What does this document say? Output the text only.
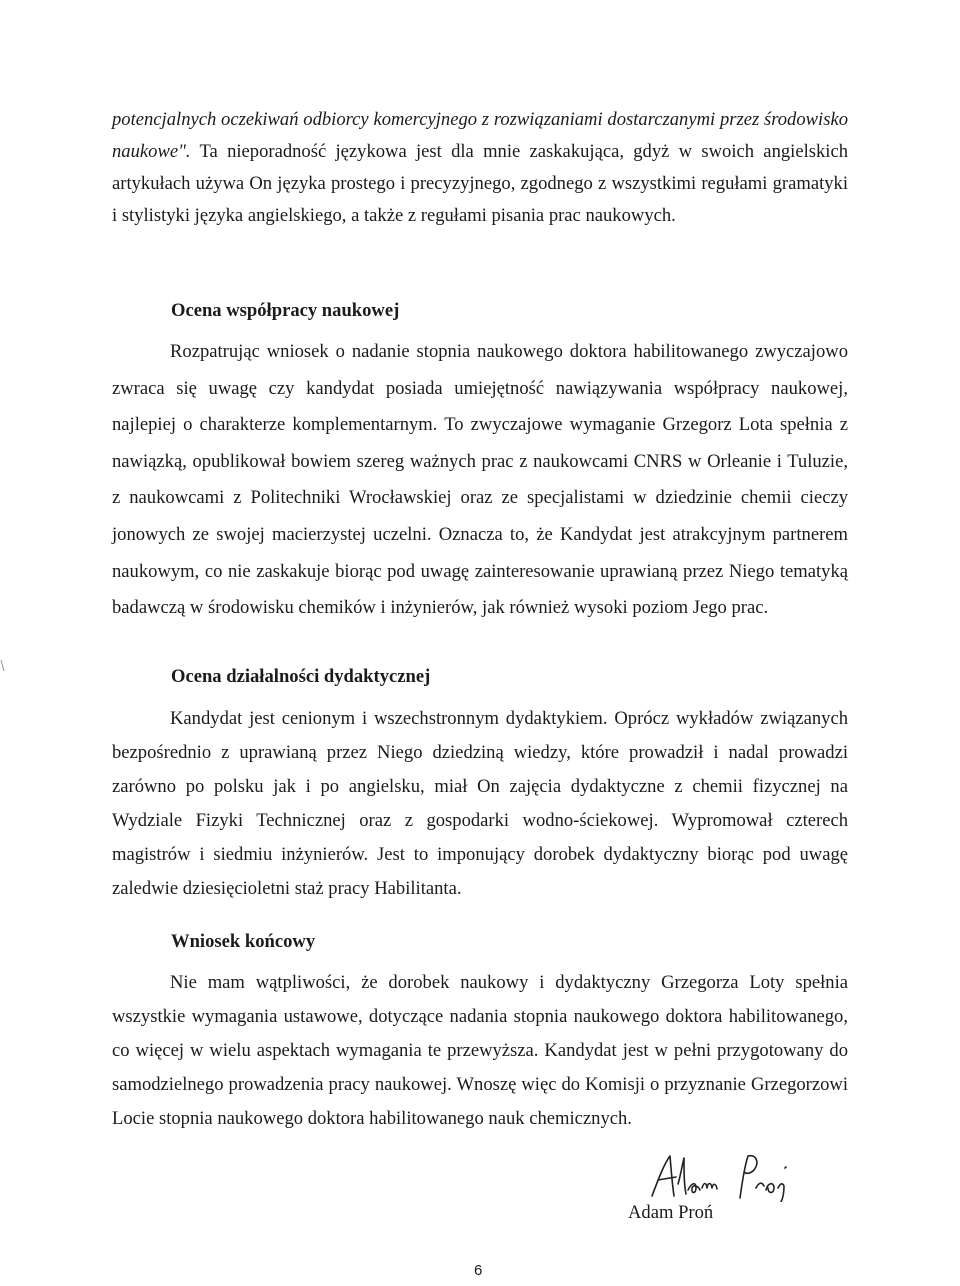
potencjalnych oczekiwań odbiorcy komercyjnego z rozwiązaniami dostarczanymi przez środowisko naukowe". Ta nieporadność językowa jest dla mnie zaskakująca, gdyż w swoich angielskich artykułach używa On języka prostego i precyzyjnego, zgodnego z wszystkimi regułami gramatyki i stylistyki języka angielskiego, a także z regułami pisania prac naukowych.

Ocena współpracy naukowej

Rozpatrując wniosek o nadanie stopnia naukowego doktora habilitowanego zwyczajowo zwraca się uwagę czy kandydat posiada umiejętność nawiązywania współpracy naukowej, najlepiej o charakterze komplementarnym. To zwyczajowe wymaganie Grzegorz Lota spełnia z nawiązką, opublikował bowiem szereg ważnych prac z naukowcami CNRS w Orleanie i Tuluzie, z naukowcami z Politechniki Wrocławskiej oraz ze specjalistami w dziedzinie chemii cieczy jonowych ze swojej macierzystej uczelni. Oznacza to, że Kandydat jest atrakcyjnym partnerem naukowym, co nie zaskakuje biorąc pod uwagę zainteresowanie uprawianą przez Niego tematyką badawczą w środowisku chemików i inżynierów, jak również wysoki poziom Jego prac.

Ocena działalności dydaktycznej

Kandydat jest cenionym i wszechstronnym dydaktykiem. Oprócz wykładów związanych bezpośrednio z uprawianą przez Niego dziedziną wiedzy, które prowadził i nadal prowadzi zarówno po polsku jak i po angielsku, miał On zajęcia dydaktyczne z chemii fizycznej na Wydziale Fizyki Technicznej oraz z gospodarki wodno-ściekowej. Wypromował czterech magistrów i siedmiu inżynierów. Jest to imponujący dorobek dydaktyczny biorąc pod uwagę zaledwie dziesięcioletni staż pracy Habilitanta.

Wniosek końcowy

Nie mam wątpliwości, że dorobek naukowy i dydaktyczny Grzegorza Loty spełnia wszystkie wymagania ustawowe, dotyczące nadania stopnia naukowego doktora habilitowanego, co więcej w wielu aspektach wymagania te przewyższa. Kandydat jest w pełni przygotowany do samodzielnego prowadzenia pracy naukowej. Wnoszę więc do Komisji o przyznanie Grzegorzowi Locie stopnia naukowego doktora habilitowanego nauk chemicznych.

Adam Proń

6
